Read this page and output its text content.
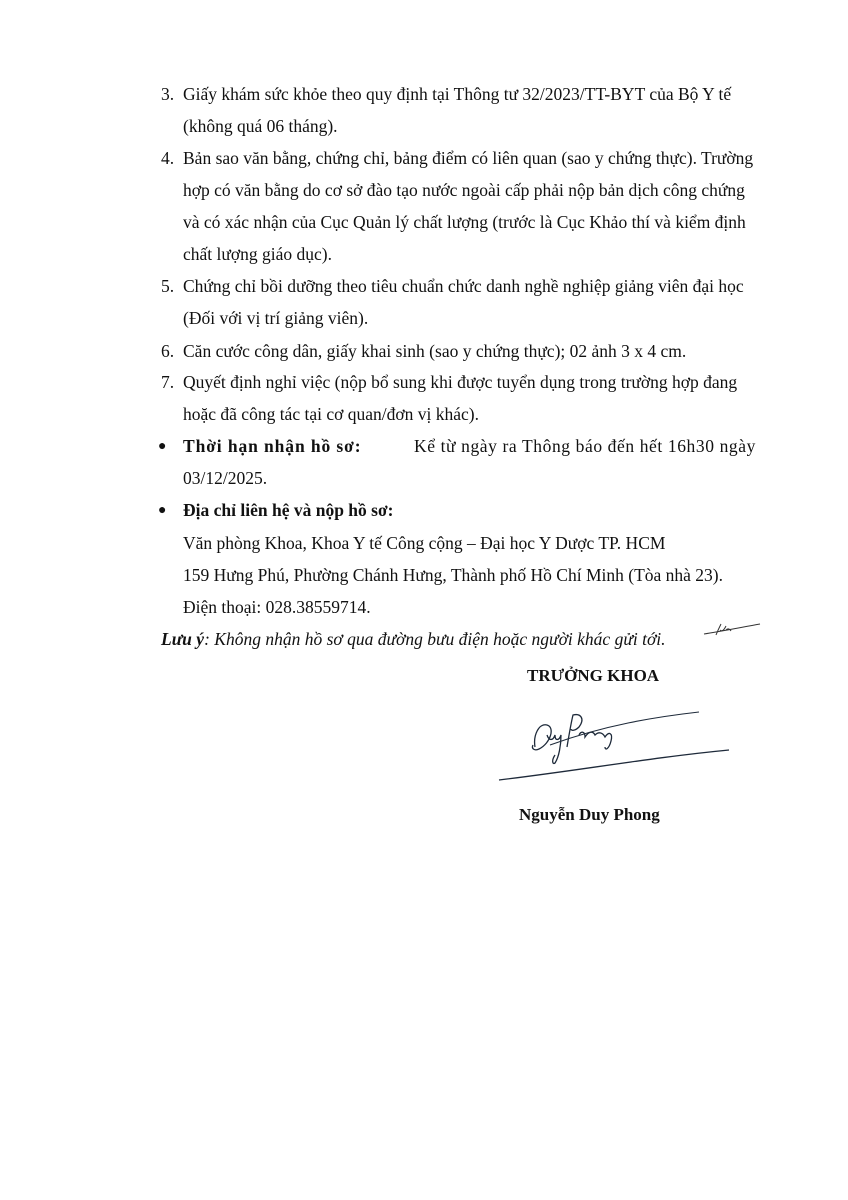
3. Giấy khám sức khỏe theo quy định tại Thông tư 32/2023/TT-BYT của Bộ Y tế
(không quá 06 tháng).
4. Bản sao văn bằng, chứng chỉ, bảng điểm có liên quan (sao y chứng thực). Trường
hợp có văn bằng do cơ sở đào tạo nước ngoài cấp phải nộp bản dịch công chứng
và có xác nhận của Cục Quản lý chất lượng (trước là Cục Khảo thí và kiểm định
chất lượng giáo dục).
5. Chứng chỉ bồi dưỡng theo tiêu chuẩn chức danh nghề nghiệp giảng viên đại học
(Đối với vị trí giảng viên).
6. Căn cước công dân, giấy khai sinh (sao y chứng thực); 02 ảnh 3 x 4 cm.
7. Quyết định nghỉ việc (nộp bổ sung khi được tuyển dụng trong trường hợp đang
hoặc đã công tác tại cơ quan/đơn vị khác).
● Thời hạn nhận hồ sơ:	Kể từ ngày ra Thông báo đến hết 16h30 ngày
03/12/2025.
● Địa chỉ liên hệ và nộp hồ sơ:
Văn phòng Khoa, Khoa Y tế Công cộng – Đại học Y Dược TP. HCM
159 Hưng Phú, Phường Chánh Hưng, Thành phố Hồ Chí Minh (Tòa nhà 23).
Điện thoại: 028.38559714.
Lưu ý: Không nhận hồ sơ qua đường bưu điện hoặc người khác gửi tới.
TRƯỞNG KHOA
Nguyễn Duy Phong
